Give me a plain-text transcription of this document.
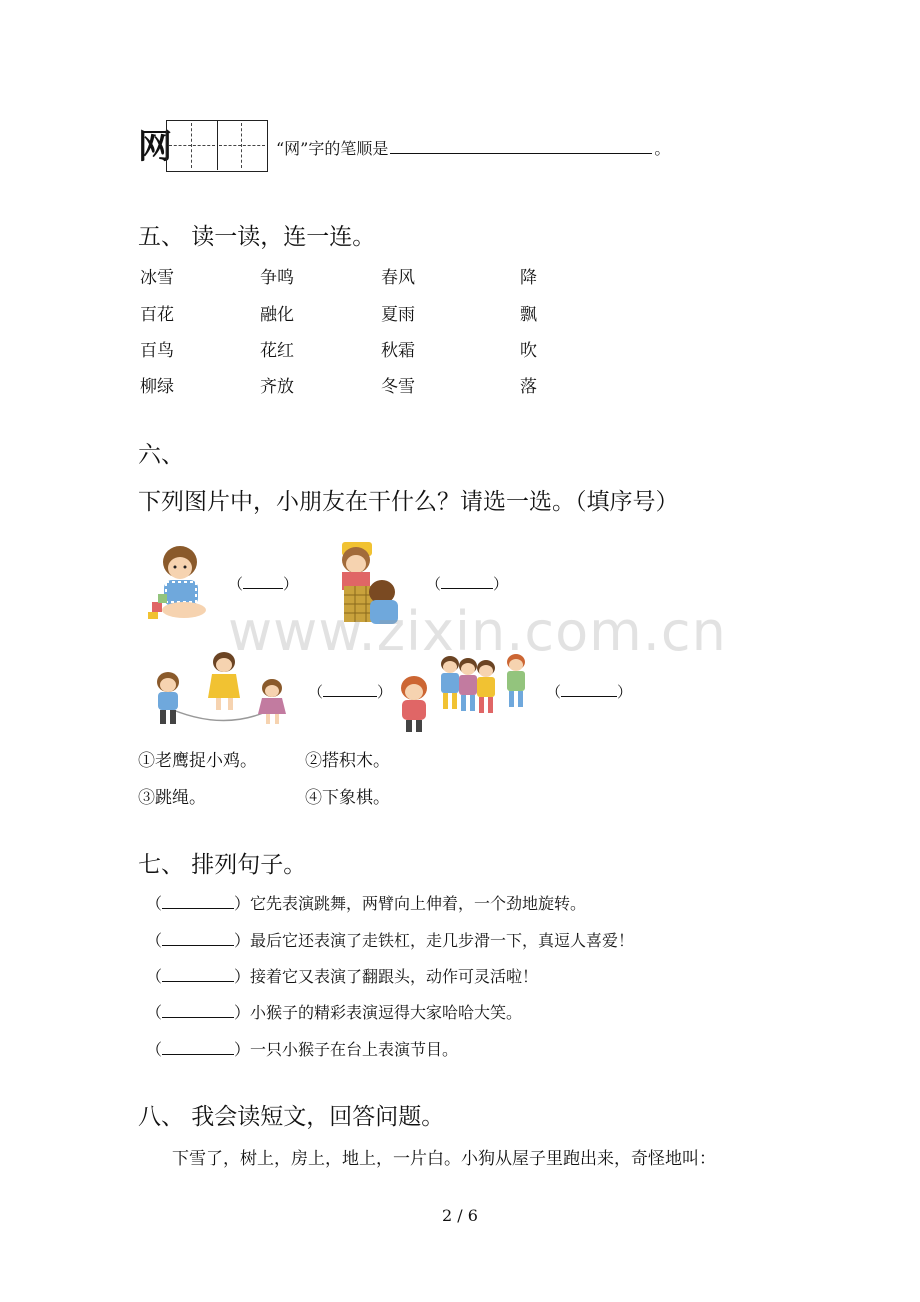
网	“网”字的笔顺是	。
五、 读一读，连一连。
冰雪	争鸣	春风	降
百花	融化	夏雨	飘
百鸟	花红	秋霜	吹
柳绿	齐放	冬雪	落
六、
下列图片中，小朋友在干什么？请选一选。（填序号）
（	）	（	）
（	）	（	）
①老鹰捉小鸡。	②搭积木。
③跳绳。	④下象棋。
七、 排列句子。
（	）它先表演跳舞，两臂向上伸着，一个劲地旋转。
（	）最后它还表演了走铁杠，走几步滑一下，真逗人喜爱！
（	）接着它又表演了翻跟头，动作可灵活啦！
（	）小猴子的精彩表演逗得大家哈哈大笑。
（	）一只小猴子在台上表演节目。
八、 我会读短文，回答问题。
下雪了，树上，房上，地上，一片白。小狗从屋子里跑出来，奇怪地叫：
www.zixin.com.cn
2 / 6
